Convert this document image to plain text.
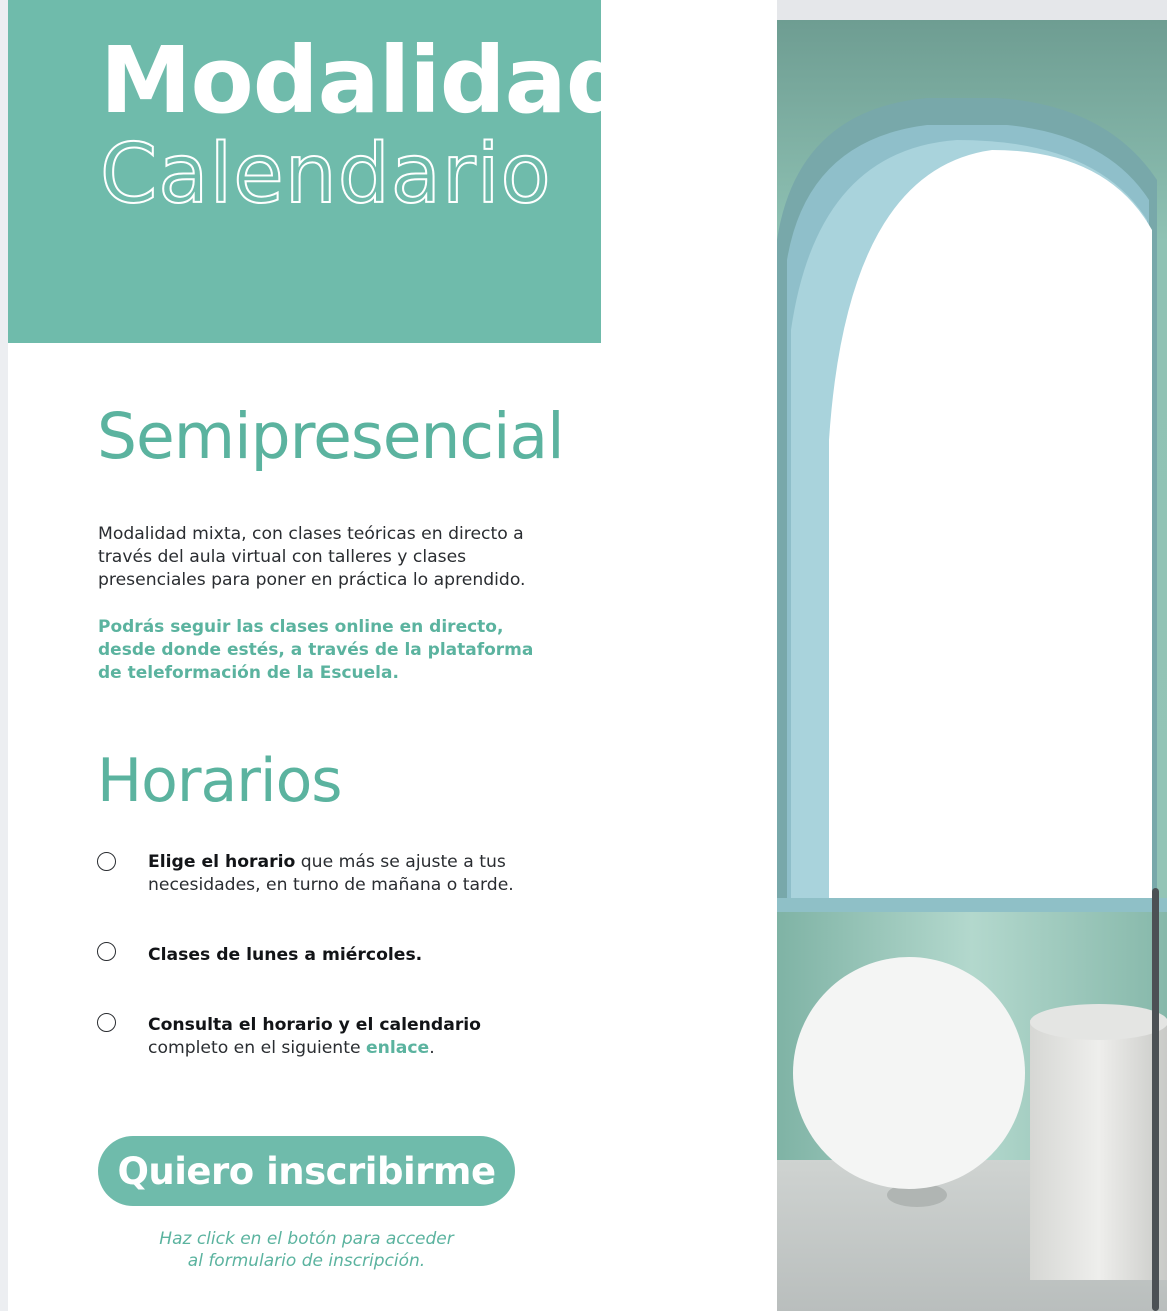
Modalidad
Calendario
Semipresencial

Modalidad mixta, con clases teóricas en directo a través del aula virtual con talleres y clases presenciales para poner en práctica lo aprendido.

Podrás seguir las clases online en directo, desde donde estés, a través de la plataforma de teleformación de la Escuela.

Horarios

Elige el horario que más se ajuste a tus necesidades, en turno de mañana o tarde.

Clases de lunes a miércoles.

Consulta el horario y el calendario completo en el siguiente enlace.

Quiero inscribirme

Haz click en el botón para acceder
al formulario de inscripción.
